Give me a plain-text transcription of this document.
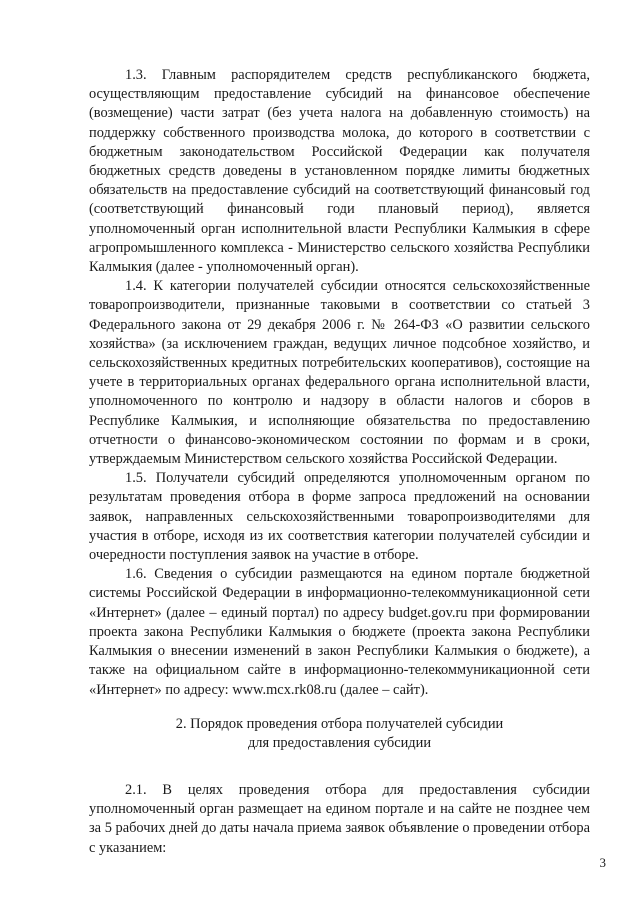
1.3. Главным распорядителем средств республиканского бюджета, осуществляющим предоставление субсидий на финансовое обеспечение (возмещение) части затрат (без учета налога на добавленную стоимость) на поддержку собственного производства молока, до которого в соответствии с бюджетным законодательством Российской Федерации как получателя бюджетных средств доведены в установленном порядке лимиты бюджетных обязательств на предоставление субсидий на соответствующий финансовый год (соответствующий финансовый годи плановый период), является уполномоченный орган исполнительной власти Республики Калмыкия в сфере агропромышленного комплекса - Министерство сельского хозяйства Республики Калмыкия (далее - уполномоченный орган).

1.4. К категории получателей субсидии относятся сельскохозяйственные товаропроизводители, признанные таковыми в соответствии со статьей 3 Федерального закона от 29 декабря 2006 г. № 264-ФЗ «О развитии сельского хозяйства» (за исключением граждан, ведущих личное подсобное хозяйство, и сельскохозяйственных кредитных потребительских кооперативов), состоящие на учете в территориальных органах федерального органа исполнительной власти, уполномоченного по контролю и надзору в области налогов и сборов в Республике Калмыкия, и исполняющие обязательства по предоставлению отчетности о финансово-экономическом состоянии по формам и в сроки, утверждаемым Министерством сельского хозяйства Российской Федерации.

1.5. Получатели субсидий определяются уполномоченным органом по результатам проведения отбора в форме запроса предложений на основании заявок, направленных сельскохозяйственными товаропроизводителями для участия в отборе, исходя из их соответствия категории получателей субсидии и очередности поступления заявок на участие в отборе.

1.6. Сведения о субсидии размещаются на едином портале бюджетной системы Российской Федерации в информационно-телекоммуникационной сети «Интернет» (далее – единый портал) по адресу budget.gov.ru при формировании проекта закона Республики Калмыкия о бюджете (проекта закона Республики Калмыкия о внесении изменений в закон Республики Калмыкия о бюджете), а также на официальном сайте в информационно-телекоммуникационной сети «Интернет» по адресу: www.mcx.rk08.ru (далее – сайт).

2. Порядок проведения отбора получателей субсидии
для предоставления субсидии

2.1. В целях проведения отбора для предоставления субсидии уполномоченный орган размещает на едином портале и на сайте не позднее чем за 5 рабочих дней до даты начала приема заявок объявление о проведении отбора с указанием:

3
